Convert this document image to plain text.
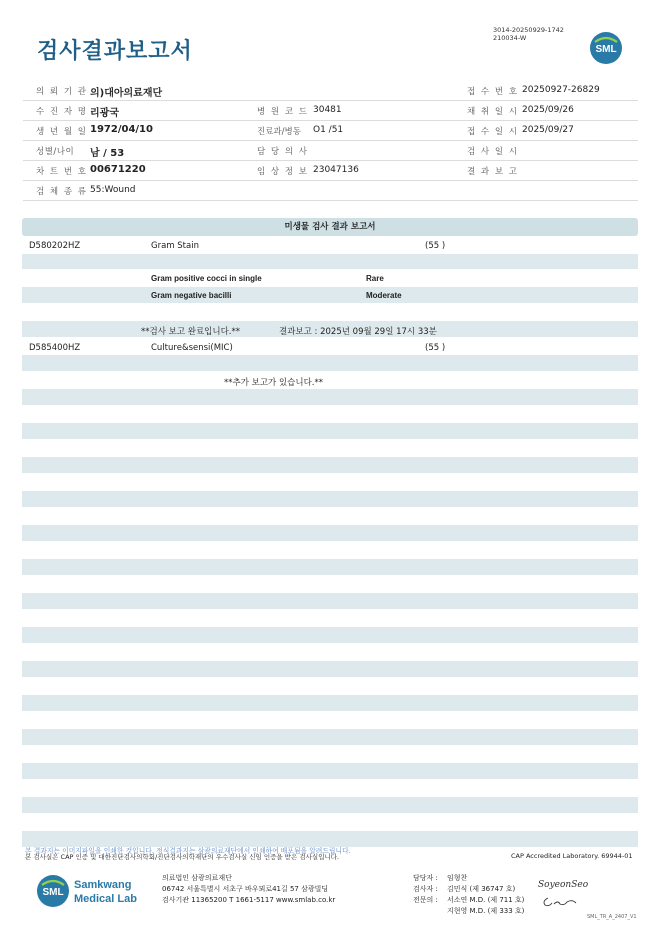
검사결과보고서
3014-20250929-1742
210034-W
SML
의 뢰 기 관 의)대아의료재단	접 수 번 호 20250927-26829
수 진 자 명 리광국	병 원 코 드 30481	채 취 일 시 2025/09/26
생 년 월 일 1972/04/10	진료과/병동 O1 /51	접 수 일 시 2025/09/27
성별/나이 남 / 53	담 당 의 사	검 사 일 시
차 트 번 호 00671220	임 상 정 보 23047136	결 과 보 고
검 체 종 류 55:Wound
미생물 검사 결과 보고서
D580202HZ	Gram Stain	(55 )
Gram positive cocci in single	Rare
Gram negative bacilli	Moderate
**검사 보고 완료입니다.**	결과보고 : 2025년 09월 29일 17시 33분
D585400HZ	Culture&sensi(MIC)	(55 )
**추가 보고가 있습니다.**
본 결과지는 이미지파일을 인쇄한 것입니다. 정식결과지는 삼광의료재단에서 인쇄하여 배포됨을 알려드립니다.
본 검사실은 CAP 인증 및 대한진단검사의학회/진단검사의학재단의 우수검사실 신임 인증을 받은 검사실입니다.	CAP Accredited Laboratory. 69944-01
SML
Samkwang
Medical Lab
의료법인 삼광의료재단
06742 서울특별시 서초구 바우뫼로41길 57 삼광빌딩
검사기관 11365200 T 1661-5117 www.smlab.co.kr
담당자 : 임형찬
검사자 : 김민식 (제 36747 호)
전문의 : 서소연 M.D. (제 711 호)
지현영 M.D. (제 333 호)
SoyeonSeo
SML_TR_A_2407_V1
